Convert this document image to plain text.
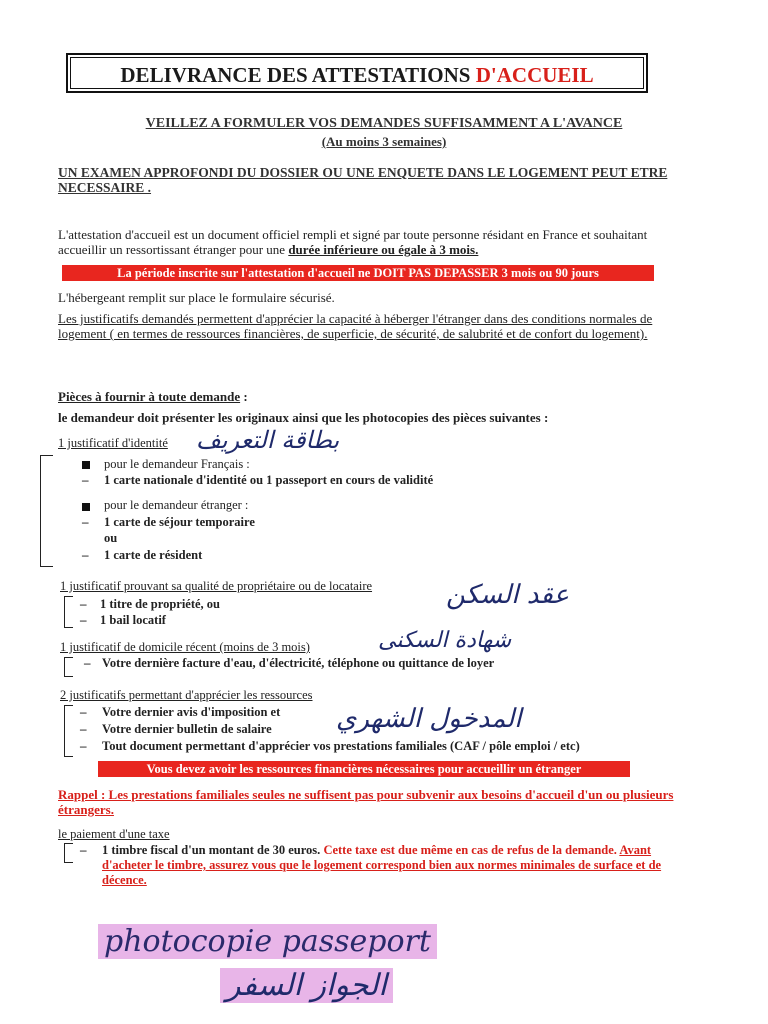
DELIVRANCE DES ATTESTATIONS D'ACCUEIL
VEILLEZ A FORMULER VOS DEMANDES SUFFISAMMENT A L'AVANCE
(Au moins 3 semaines)
UN EXAMEN APPROFONDI DU DOSSIER OU UNE ENQUETE DANS LE LOGEMENT PEUT ETRE NECESSAIRE .
L'attestation d'accueil est un document officiel rempli et signé par toute personne résidant en France et souhaitant accueillir un ressortissant étranger pour une durée inférieure ou égale à 3 mois.
La période inscrite sur l'attestation d'accueil ne DOIT PAS DEPASSER 3 mois ou 90 jours
L'hébergeant remplit sur place le formulaire sécurisé.
Les justificatifs demandés permettent d'apprécier la capacité à héberger l'étranger dans des conditions normales de logement ( en termes de ressources financières, de superficie, de sécurité, de salubrité et de confort du logement).
Pièces à fournir à toute demande :
le demandeur doit présenter les originaux ainsi que les photocopies des pièces suivantes :
1 justificatif d'identité بطاقة التعريف
pour le demandeur Français :
– 1 carte nationale d'identité ou 1 passeport en cours de validité
pour le demandeur étranger :
– 1 carte de séjour temporaire
ou
– 1 carte de résident
1 justificatif prouvant sa qualité de propriétaire ou de locataire	عقد السكن
– 1 titre de propriété, ou
– 1 bail locatif
1 justificatif de domicile récent (moins de 3 mois)	شهادة السكنى
– Votre dernière facture d'eau, d'électricité, téléphone ou quittance de loyer
2 justificatifs permettant d'apprécier les ressources
– Votre dernier avis d'imposition et المدخول الشهري
– Votre dernier bulletin de salaire
– Tout document permettant d'apprécier vos prestations familiales (CAF / pôle emploi / etc)
Vous devez avoir les ressources financières nécessaires pour accueillir un étranger
Rappel : Les prestations familiales seules ne suffisent pas pour subvenir aux besoins d'accueil d'un ou plusieurs étrangers.
le paiement d'une taxe
– 1 timbre fiscal d'un montant de 30 euros. Cette taxe est due même en cas de refus de la demande. Avant d'acheter le timbre, assurez vous que le logement correspond bien aux normes minimales de surface et de décence.
photocopie passeport
الجواز السفر
